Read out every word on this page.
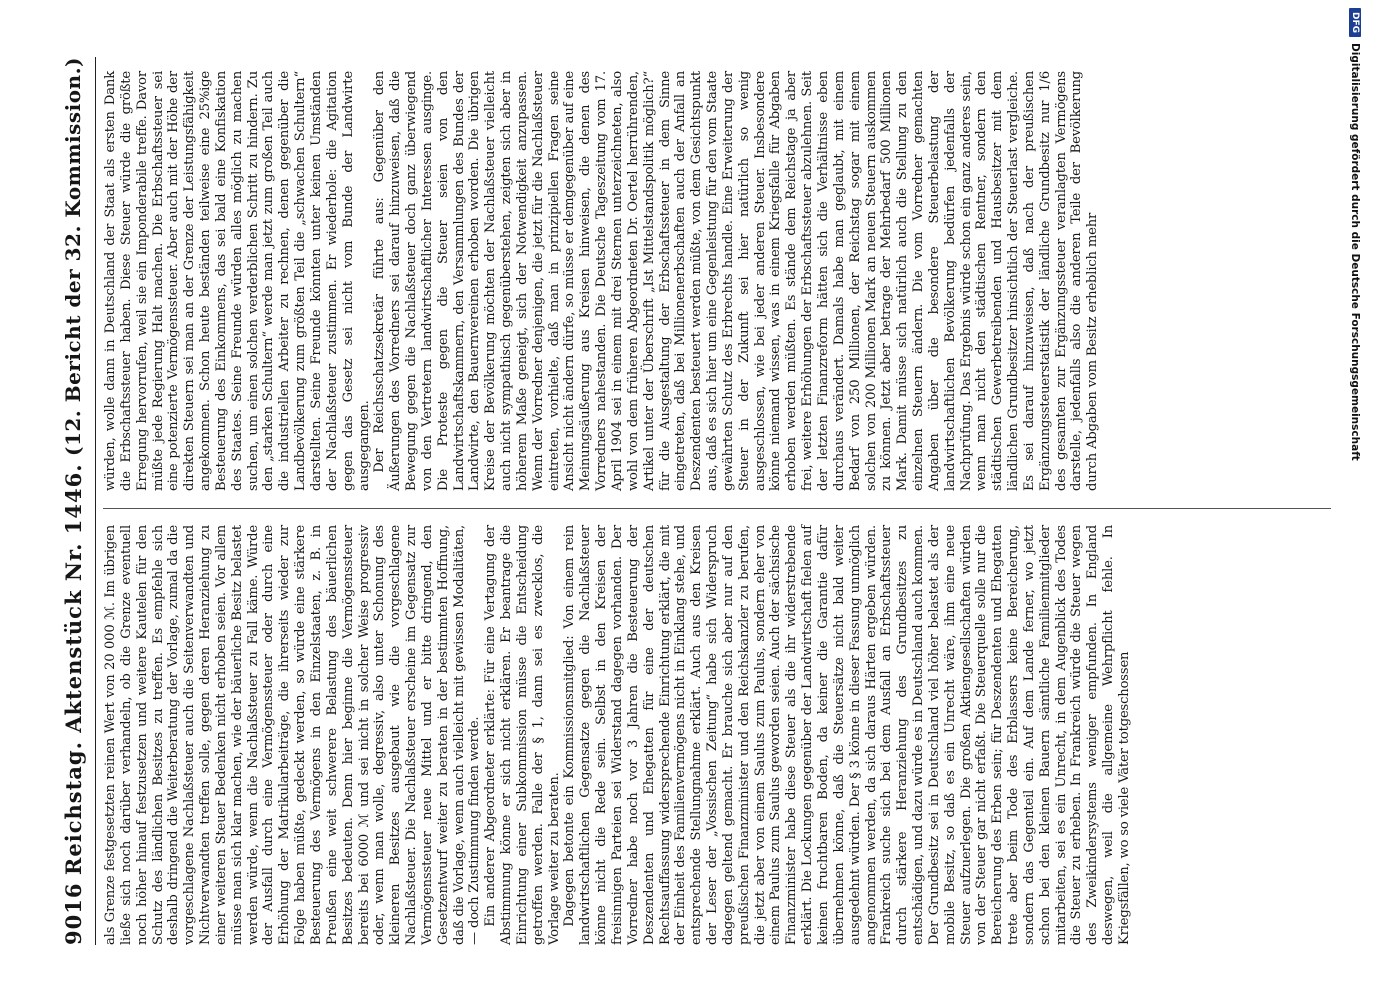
9016
Reichstag. Aktenstück Nr. 1446.
(12. Bericht der 32. Kommission.)

als Grenze festgesetzten reinen Wert von 20 000 ℳ. Im übrigen ließe sich noch darüber verhandeln, ob die Grenze eventuell noch höher hinauf festzusetzen und weitere Kautelen für den Schutz des ländlichen Besitzes zu treffen. Es empfehle sich deshalb dringend die Weiterberatung der Vorlage, zumal da die vorgeschlagene Nachlaßsteuer auch die Seitenverwandten und Nichtverwandten treffen solle, gegen deren Heranziehung zu einer weiteren Steuer Bedenken nicht erhoben seien. Vor allem müsse man sich klar machen, wie der bäuerliche Besitz belastet werden würde, wenn die Nachlaßsteuer zu Fall käme. Würde der Ausfall durch eine Vermögenssteuer oder durch eine Erhöhung der Matrikularbeiträge, die ihrerseits wieder zur Folge haben müßte, gedeckt werden, so würde eine stärkere Besteuerung des Vermögens in den Einzelstaaten, z. B. in Preußen eine weit schwerere Belastung des bäuerlichen Besitzes bedeuten. Denn hier beginne die Vermögenssteuer bereits bei 6000 ℳ und sei nicht in solcher Weise progressiv oder, wenn man wolle, degressiv, also unter Schonung des kleineren Besitzes ausgebaut wie die vorgeschlagene Nachlaßsteuer. Die Nachlaßsteuer erscheine im Gegensatz zur Vermögenssteuer neue Mittel und er bitte dringend, den Gesetzentwurf weiter zu beraten in der bestimmten Hoffnung, daß die Vorlage, wenn auch vielleicht mit gewissen Modalitäten, — doch Zustimmung finden werde. Ein anderer Abgeordneter erklärte: Für eine Vertagung der Abstimmung könne er sich nicht erklären. Er beantrage die Einrichtung einer Subkommission müsse die Entscheidung getroffen werden. Falle der § 1, dann sei es zwecklos, die Vorlage weiter zu beraten. Dagegen betonte ein Kommissionsmitglied: Von einem rein landwirtschaftlichen Gegensatze gegen die Nachlaßsteuer könne nicht die Rede sein. Selbst in den Kreisen der freisinnigen Parteien sei Widerstand dagegen vorhanden. Der Vorredner habe noch vor 3 Jahren die Besteuerung der Deszendenten und Ehegatten für eine der deutschen Rechtsauffassung widersprechende Einrichtung erklärt, die mit der Einheit des Familienvermögens nicht in Einklang stehe, und entsprechende Stellungnahme erklärt. Auch aus den Kreisen der Leser der „Vossischen Zeitung“ habe sich Widerspruch dagegen geltend gemacht. Er brauche sich aber nur auf den preußischen Finanzminister und den Reichskanzler zu berufen, die jetzt aber von einem Saulus zum Paulus, sondern eher von einem Paulus zum Saulus geworden seien. Auch der sächsische Finanzminister habe diese Steuer als die ihr widerstrebende erklärt. Die Lockungen gegenüber der Landwirtschaft fielen auf keinen fruchtbaren Boden, da keiner die Garantie dafür übernehmen könne, daß die Steuersätze nicht bald weiter ausgedehnt würden. Der § 3 könne in dieser Fassung unmöglich angenommen werden, da sich daraus Härten ergeben würden. Frankreich suche sich bei dem Ausfall an Erbschaftssteuer durch stärkere Heranziehung des Grundbesitzes zu entschädigen, und dazu würde es in Deutschland auch kommen. Der Grundbesitz sei in Deutschland viel höher belastet als der mobile Besitz, so daß es ein Unrecht wäre, ihm eine neue Steuer aufzuerlegen. Die großen Aktiengesellschaften würden von der Steuer gar nicht erfaßt. Die Steuerquelle solle nur die Bereicherung des Erben sein; für Deszendenten und Ehegatten trete aber beim Tode des Erblassers keine Bereicherung, sondern das Gegenteil ein. Auf dem Lande ferner, wo jetzt schon bei den kleinen Bauern sämtliche Familienmitglieder mitarbeiten, sei es ein Unrecht, in dem Augenblick des Todes die Steuer zu erheben. In Frankreich würde die Steuer wegen des Zweikindersystems weniger empfunden. In England deswegen, weil die allgemeine Wehrpflicht fehle. In Kriegsfällen, wo so viele Väter totgeschossen

würden, wolle dann in Deutschland der Staat als ersten Dank die Erbschaftssteuer haben. Diese Steuer würde die größte Erregung hervorrufen, weil sie ein Imponderabile treffe. Davor müßte jede Regierung Halt machen. Die Erbschaftssteuer sei eine potenzierte Vermögenssteuer. Aber auch mit der Höhe der direkten Steuern sei man an der Grenze der Leistungsfähigkeit angekommen. Schon heute beständen teilweise eine 25%ige Besteuerung des Einkommens, das sei bald eine Konfiskation des Staates. Seine Freunde würden alles möglich zu machen suchen, um einen solchen verderblichen Schritt zu hindern. Zu den „starken Schultern“ werde man jetzt zum großen Teil auch die industriellen Arbeiter zu rechnen, denen gegenüber die Landbevölkerung zum größten Teil die „schwachen Schultern“ darstellten. Seine Freunde könnten unter keinen Umständen der Nachlaßsteuer zustimmen. Er wiederhole: die Agitation gegen das Gesetz sei nicht vom Bunde der Landwirte ausgegangen. Der Reichsschatzsekretär führte aus: Gegenüber den Äußerungen des Vorredners sei darauf hinzuweisen, daß die Bewegung gegen die Nachlaßsteuer doch ganz überwiegend von den Vertretern landwirtschaftlicher Interessen ausginge. Die Proteste gegen die Steuer seien von den Landwirtschaftskammern, den Versammlungen des Bundes der Landwirte, den Bauernvereinen erhoben worden. Die übrigen Kreise der Bevölkerung möchten der Nachlaßsteuer vielleicht auch nicht sympathisch gegenüberstehen, zeigten sich aber in höherem Maße geneigt, sich der Notwendigkeit anzupassen. Wenn der Vorredner denjenigen, die jetzt für die Nachlaßsteuer eintreten, vorhielte, daß man in prinzipiellen Fragen seine Ansicht nicht ändern dürfe, so müsse er demgegenüber auf eine Meinungsäußerung aus Kreisen hinweisen, die denen des Vorredners nahestanden. Die Deutsche Tageszeitung vom 17. April 1904 sei in einem mit drei Sternen unterzeichneten, also wohl von dem früheren Abgeordneten Dr. Oertel herrührenden, Artikel unter der Überschrift „Ist Mittelstandspolitik möglich?“ für die Ausgestaltung der Erbschaftssteuer in dem Sinne eingetreten, daß bei Millionenerbschaften auch der Anfall an Deszendenten besteuert werden müßte, von dem Gesichtspunkt aus, daß es sich hier um eine Gegenleistung für den vom Staate gewährten Schutz des Erbrechts handle. Eine Erweiterung der Steuer in der Zukunft sei hier natürlich so wenig ausgeschlossen, wie bei jeder anderen Steuer. Insbesondere könne niemand wissen, was in einem Kriegsfalle für Abgaben erhoben werden müßten. Es stände dem Reichstage ja aber frei, weitere Erhöhungen der Erbschaftssteuer abzulehnen. Seit der letzten Finanzreform hätten sich die Verhältnisse eben durchaus verändert. Damals habe man geglaubt, mit einem Bedarf von 250 Millionen, der Reichstag sogar mit einem solchen von 200 Millionen Mark an neuen Steuern auskommen zu können. Jetzt aber betrage der Mehrbedarf 500 Millionen Mark. Damit müsse sich natürlich auch die Stellung zu den einzelnen Steuern ändern. Die vom Vorredner gemachten Angaben über die besondere Steuerbelastung der landwirtschaftlichen Bevölkerung bedürfen jedenfalls der Nachprüfung. Das Ergebnis würde schon ein ganz anderes sein, wenn man nicht den städtischen Rentner, sondern den städtischen Gewerbetreibenden und Hausbesitzer mit dem ländlichen Grundbesitzer hinsichtlich der Steuerlast vergleiche. Es sei darauf hinzuweisen, daß nach der preußischen Ergänzungssteuerstatistik der ländliche Grundbesitz nur 1/6 des gesamten zur Ergänzungssteuer veranlagten Vermögens darstelle, jedenfalls also die anderen Teile der Bevölkerung durch Abgaben vom Besitz erheblich mehr

DFG
Digitalisierung gefördert durch die Deutsche Forschungsgemeinschaft
